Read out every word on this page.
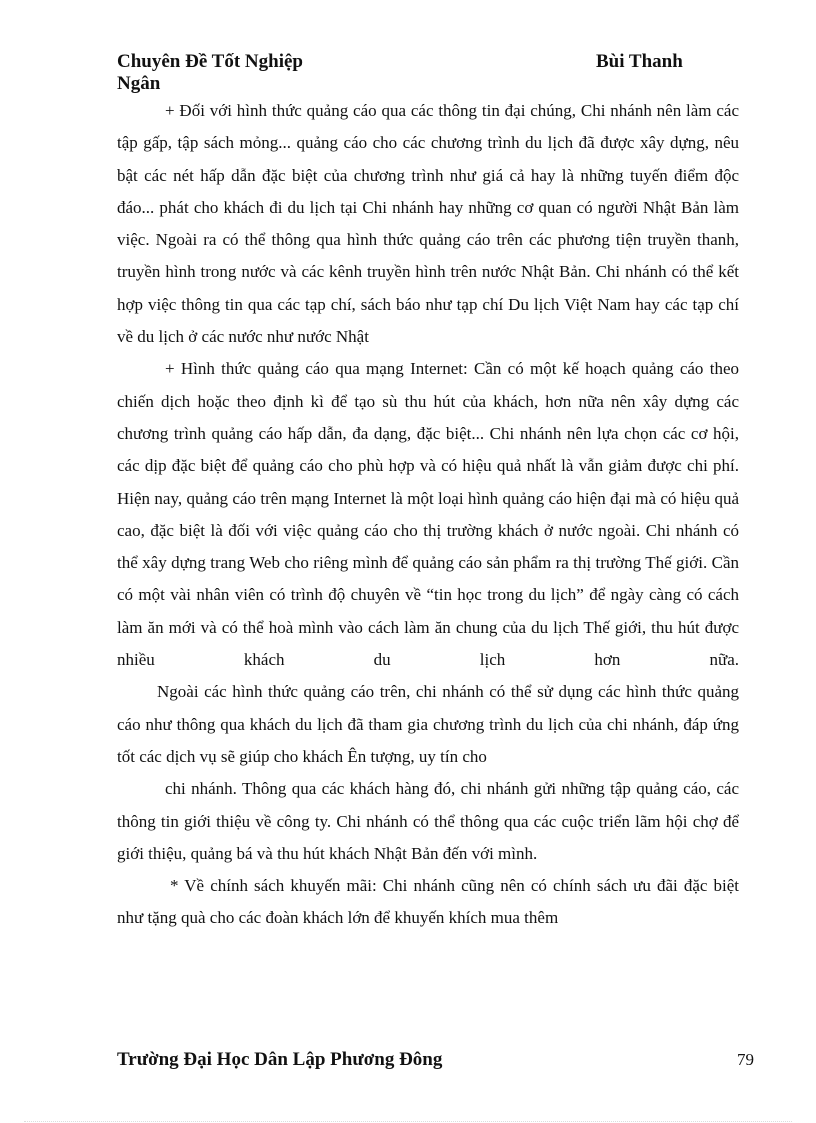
Chuyên Đề Tốt Nghiệp	Bùi Thanh
Ngân

+ Đối với hình thức quảng cáo qua các thông tin đại chúng, Chi nhánh nên làm các tập gấp, tập sách mỏng... quảng cáo cho các chương trình du lịch đã được xây dựng, nêu bật các nét hấp dẫn đặc biệt của chương trình như giá cả hay là những tuyến điểm độc đáo... phát cho khách đi du lịch tại Chi nhánh hay những cơ quan có người Nhật Bản làm việc. Ngoài ra có thể thông qua hình thức quảng cáo trên các phương tiện truyền thanh, truyền hình trong nước và các kênh truyền hình trên nước Nhật Bản. Chi nhánh có thể kết hợp việc thông tin qua các tạp chí, sách báo như tạp chí Du lịch Việt Nam hay các tạp chí về du lịch ở các nước như nước Nhật

+ Hình thức quảng cáo qua mạng Internet: Cần có một kế hoạch quảng cáo theo chiến dịch hoặc theo định kì để tạo sù thu hút của khách, hơn nữa nên xây dựng các chương trình quảng cáo hấp dẫn, đa dạng, đặc biệt... Chi nhánh nên lựa chọn các cơ hội, các dịp đặc biệt để quảng cáo cho phù hợp và có hiệu quả nhất là vẫn giảm được chi phí. Hiện nay, quảng cáo trên mạng Internet là một loại hình quảng cáo hiện đại mà có hiệu quả cao, đặc biệt là đối với việc quảng cáo cho thị trường khách ở nước ngoài. Chi nhánh có thể xây dựng trang Web cho riêng mình để quảng cáo sản phẩm ra thị trường Thế giới. Cần có một vài nhân viên có trình độ chuyên về “tin học trong du lịch” để ngày càng có cách làm ăn mới và có thể hoà mình vào cách làm ăn chung của du lịch Thế giới, thu hút được nhiều khách du lịch hơn nữa.

Ngoài các hình thức quảng cáo trên, chi nhánh có thể sử dụng các hình thức quảng cáo như thông qua khách du lịch đã tham gia chương trình du lịch của chi nhánh, đáp ứng tốt các dịch vụ sẽ giúp cho khách Ên tượng, uy tín cho

chi nhánh. Thông qua các khách hàng đó, chi nhánh gửi những tập quảng cáo, các thông tin giới thiệu về công ty. Chi nhánh có thể thông qua các cuộc triển lãm hội chợ để giới thiệu, quảng bá và thu hút khách Nhật Bản đến với mình.

* Về chính sách khuyến mãi: Chi nhánh cũng nên có chính sách ưu đãi đặc biệt như tặng quà cho các đoàn khách lớn để khuyến khích mua thêm

Trường Đại Học Dân Lập Phương Đông	79
